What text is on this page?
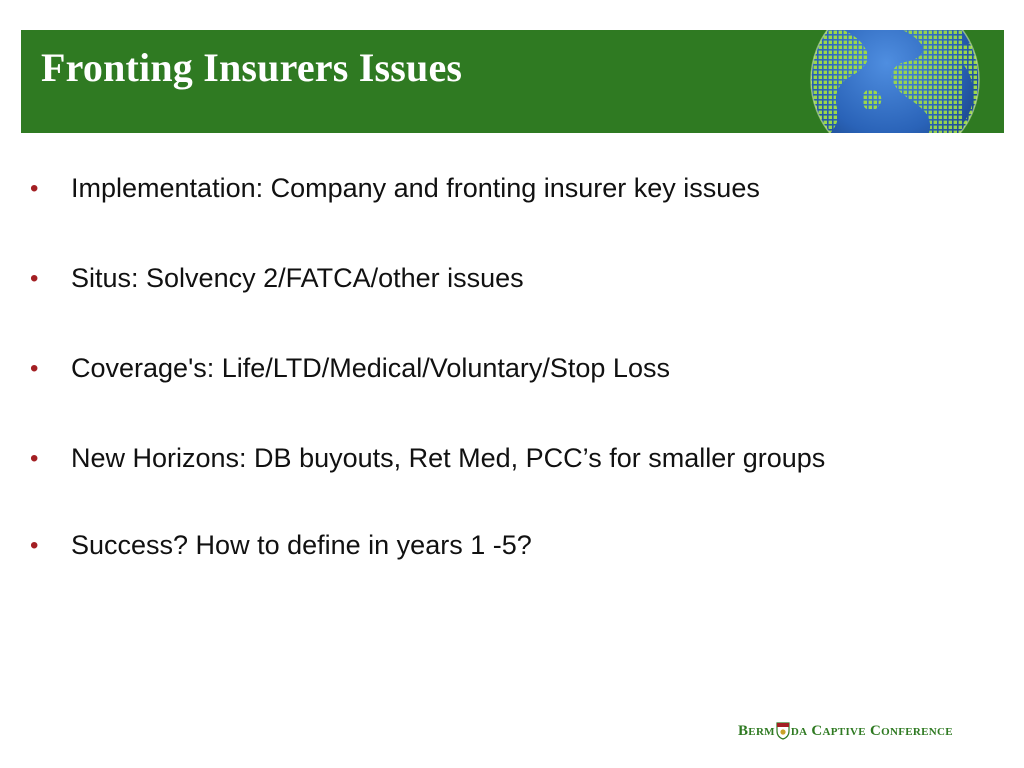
Fronting Insurers Issues
• Implementation: Company and fronting insurer key issues
• Situs: Solvency 2/FATCA/other issues
• Coverage's: Life/LTD/Medical/Voluntary/Stop Loss
• New Horizons: DB buyouts, Ret Med, PCC’s for smaller groups
• Success? How to define in years 1 -5?
Berm da Captive Conference
